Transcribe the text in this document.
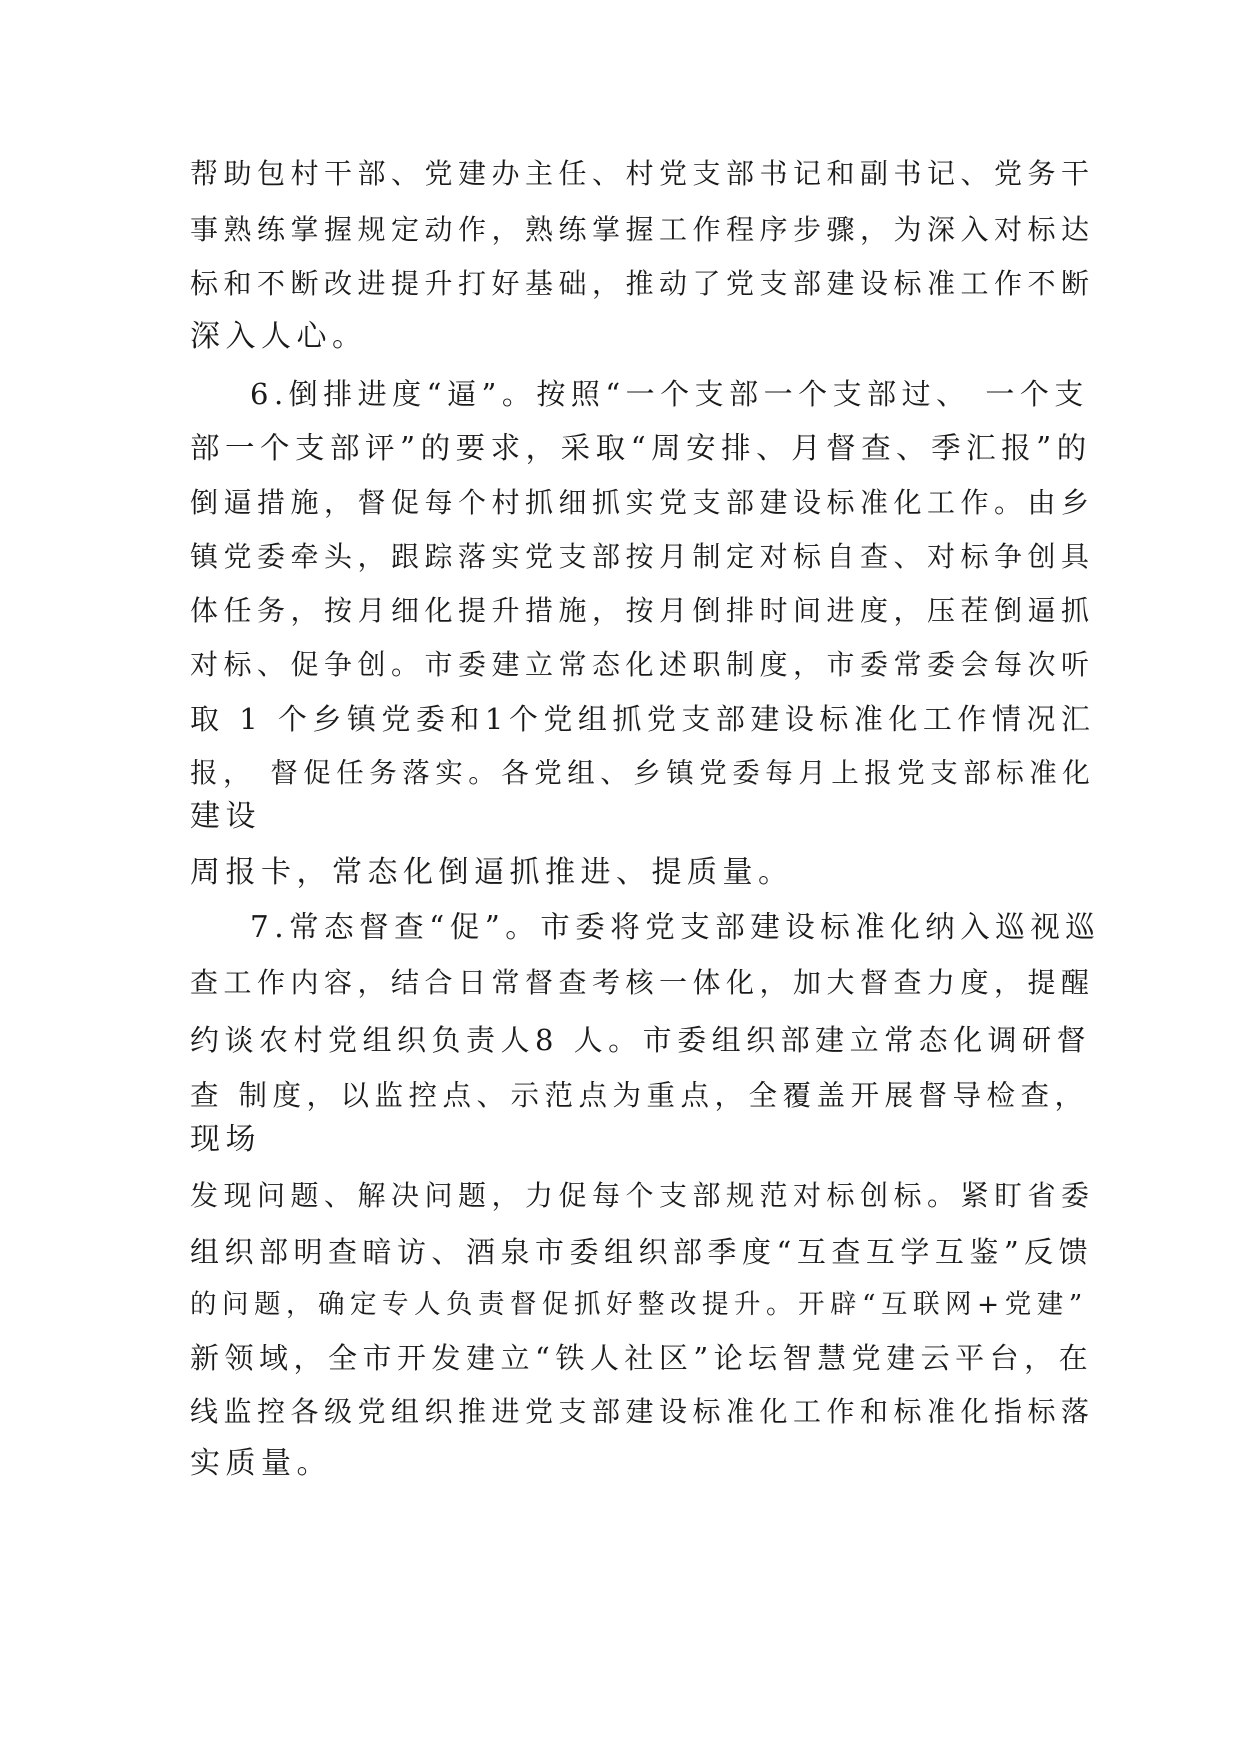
帮助包村干部、党建办主任、村党支部书记和副书记、党务干
事熟练掌握规定动作，熟练掌握工作程序步骤，为深入对标达
标和不断改进提升打好基础，推动了党支部建设标准工作不断
深入人心。
6.倒排进度“逼”。按照“一个支部一个支部过、 一个支
部一个支部评”的要求，采取“周安排、月督查、季汇报”的
倒逼措施，督促每个村抓细抓实党支部建设标准化工作。由乡
镇党委牵头，跟踪落实党支部按月制定对标自查、对标争创具
体任务，按月细化提升措施，按月倒排时间进度，压茬倒逼抓
对标、促争创。市委建立常态化述职制度，市委常委会每次听
取 1 个乡镇党委和1个党组抓党支部建设标准化工作情况汇
报， 督促任务落实。各党组、乡镇党委每月上报党支部标准化
建设
周报卡，常态化倒逼抓推进、提质量。
7.常态督查“促”。市委将党支部建设标准化纳入巡视巡
查工作内容，结合日常督查考核一体化，加大督查力度，提醒
约谈农村党组织负责人8 人。市委组织部建立常态化调研督
查 制度，以监控点、示范点为重点，全覆盖开展督导检查，
现场
发现问题、解决问题，力促每个支部规范对标创标。紧盯省委
组织部明查暗访、酒泉市委组织部季度“互查互学互鉴”反馈
的问题，确定专人负责督促抓好整改提升。开辟“互联网+党建”
新领域，全市开发建立“铁人社区”论坛智慧党建云平台，在
线监控各级党组织推进党支部建设标准化工作和标准化指标落
实质量。
